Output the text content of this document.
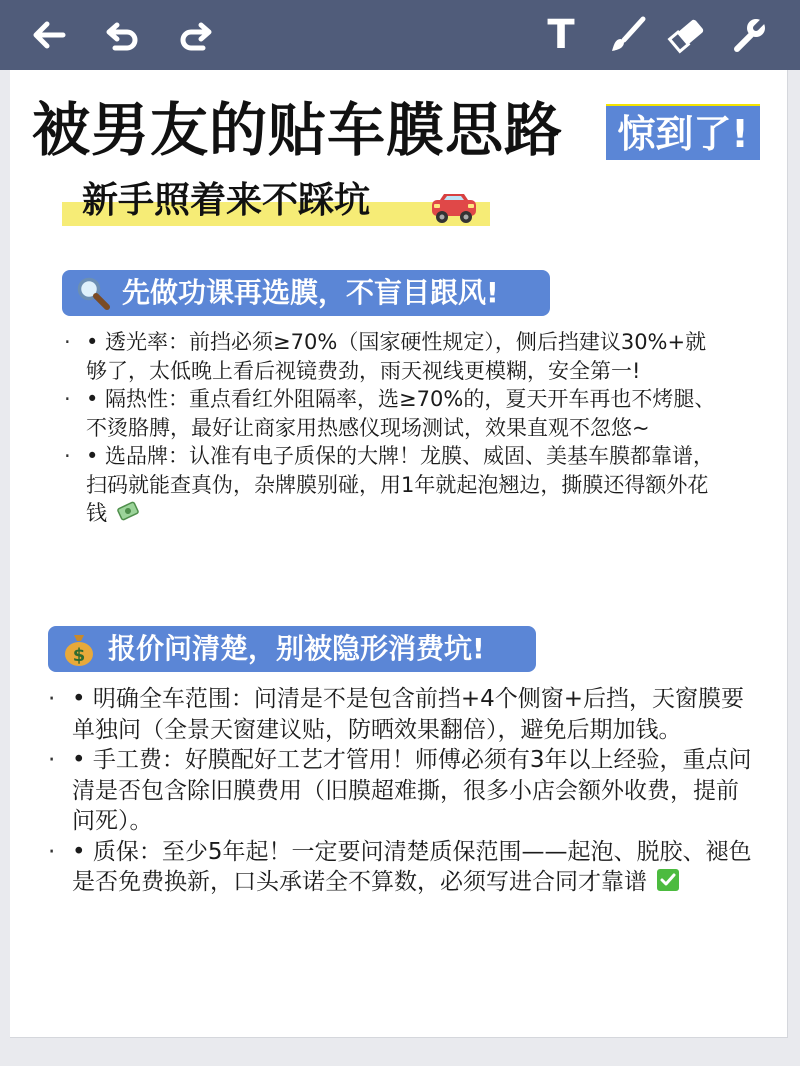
T
被男友的贴车膜思路 惊到了!
新手照着来不踩坑
先做功课再选膜，不盲目跟风!
· • 透光率：前挡必须≥70%（国家硬性规定），侧后挡建议30%+就够了，太低晚上看后视镜费劲，雨天视线更模糊，安全第一!
· • 隔热性：重点看红外阻隔率，选≥70%的，夏天开车再也不烤腿、不烫胳膊，最好让商家用热感仪现场测试，效果直观不忽悠~
· • 选品牌：认准有电子质保的大牌！龙膜、威固、美基车膜都靠谱，扫码就能查真伪，杂牌膜别碰，用1年就起泡翘边，撕膜还得额外花钱
$ 报价问清楚，别被隐形消费坑!
· • 明确全车范围：问清是不是包含前挡+4个侧窗+后挡，天窗膜要单独问（全景天窗建议贴，防晒效果翻倍），避免后期加钱。
· • 手工费：好膜配好工艺才管用！师傅必须有3年以上经验，重点问清是否包含除旧膜费用（旧膜超难撕，很多小店会额外收费，提前问死）。
· • 质保：至少5年起！一定要问清楚质保范围——起泡、脱胶、褪色是否免费换新，口头承诺全不算数，必须写进合同才靠谱
